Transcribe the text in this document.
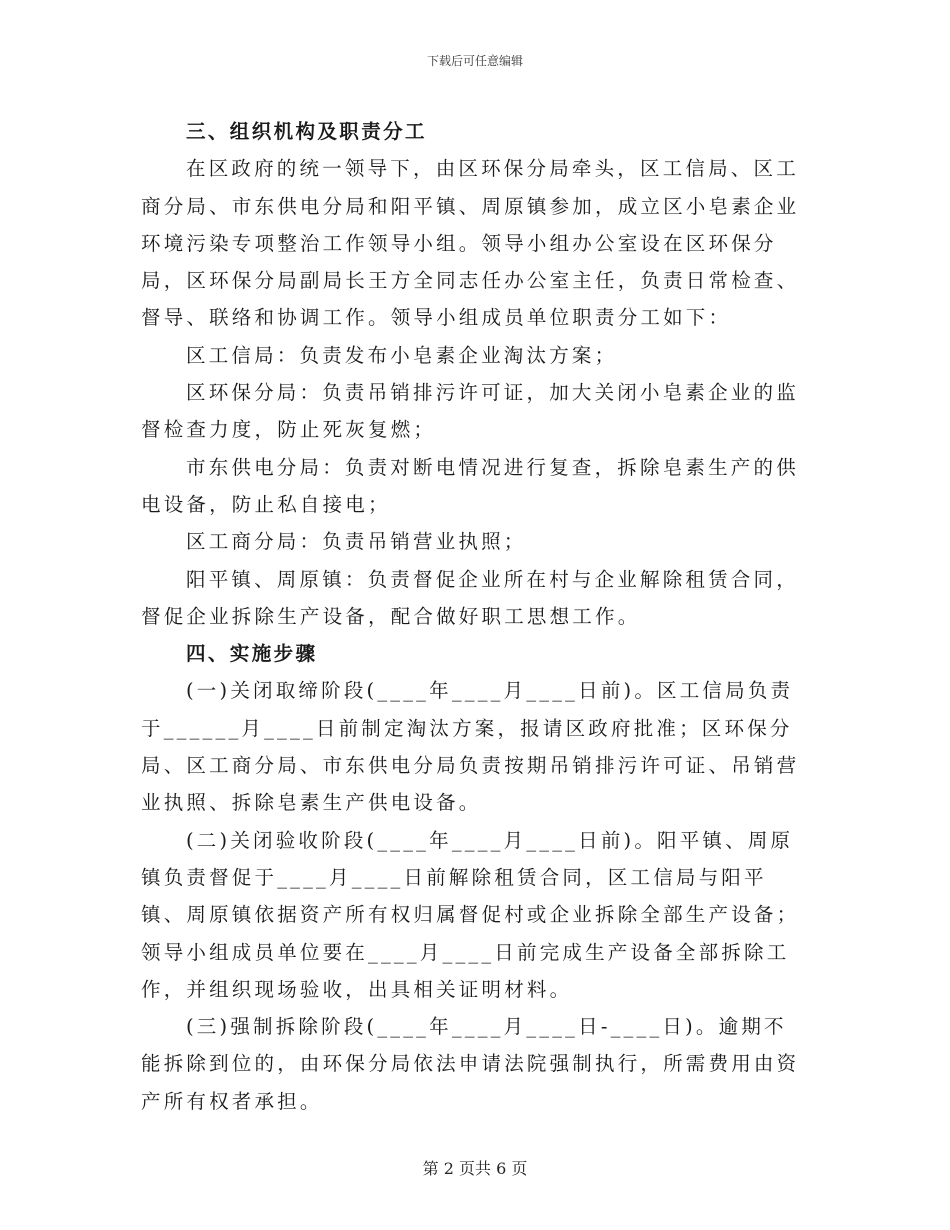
下载后可任意编辑

三、组织机构及职责分工

在区政府的统一领导下，由区环保分局牵头，区工信局、区工商分局、市东供电分局和阳平镇、周原镇参加，成立区小皂素企业环境污染专项整治工作领导小组。领导小组办公室设在区环保分局，区环保分局副局长王方全同志任办公室主任，负责日常检查、督导、联络和协调工作。领导小组成员单位职责分工如下：

区工信局：负责发布小皂素企业淘汰方案；

区环保分局：负责吊销排污许可证，加大关闭小皂素企业的监督检查力度，防止死灰复燃；

市东供电分局：负责对断电情况进行复查，拆除皂素生产的供电设备，防止私自接电；

区工商分局：负责吊销营业执照；

阳平镇、周原镇：负责督促企业所在村与企业解除租赁合同，督促企业拆除生产设备，配合做好职工思想工作。

四、实施步骤

(一)关闭取缔阶段(____年____月____日前)。区工信局负责于______月____日前制定淘汰方案，报请区政府批准；区环保分局、区工商分局、市东供电分局负责按期吊销排污许可证、吊销营业执照、拆除皂素生产供电设备。

(二)关闭验收阶段(____年____月____日前)。阳平镇、周原镇负责督促于____月____日前解除租赁合同，区工信局与阳平镇、周原镇依据资产所有权归属督促村或企业拆除全部生产设备；领导小组成员单位要在____月____日前完成生产设备全部拆除工作，并组织现场验收，出具相关证明材料。

(三)强制拆除阶段(____年____月____日-____日)。逾期不能拆除到位的，由环保分局依法申请法院强制执行，所需费用由资产所有权者承担。

第 2 页共 6 页
